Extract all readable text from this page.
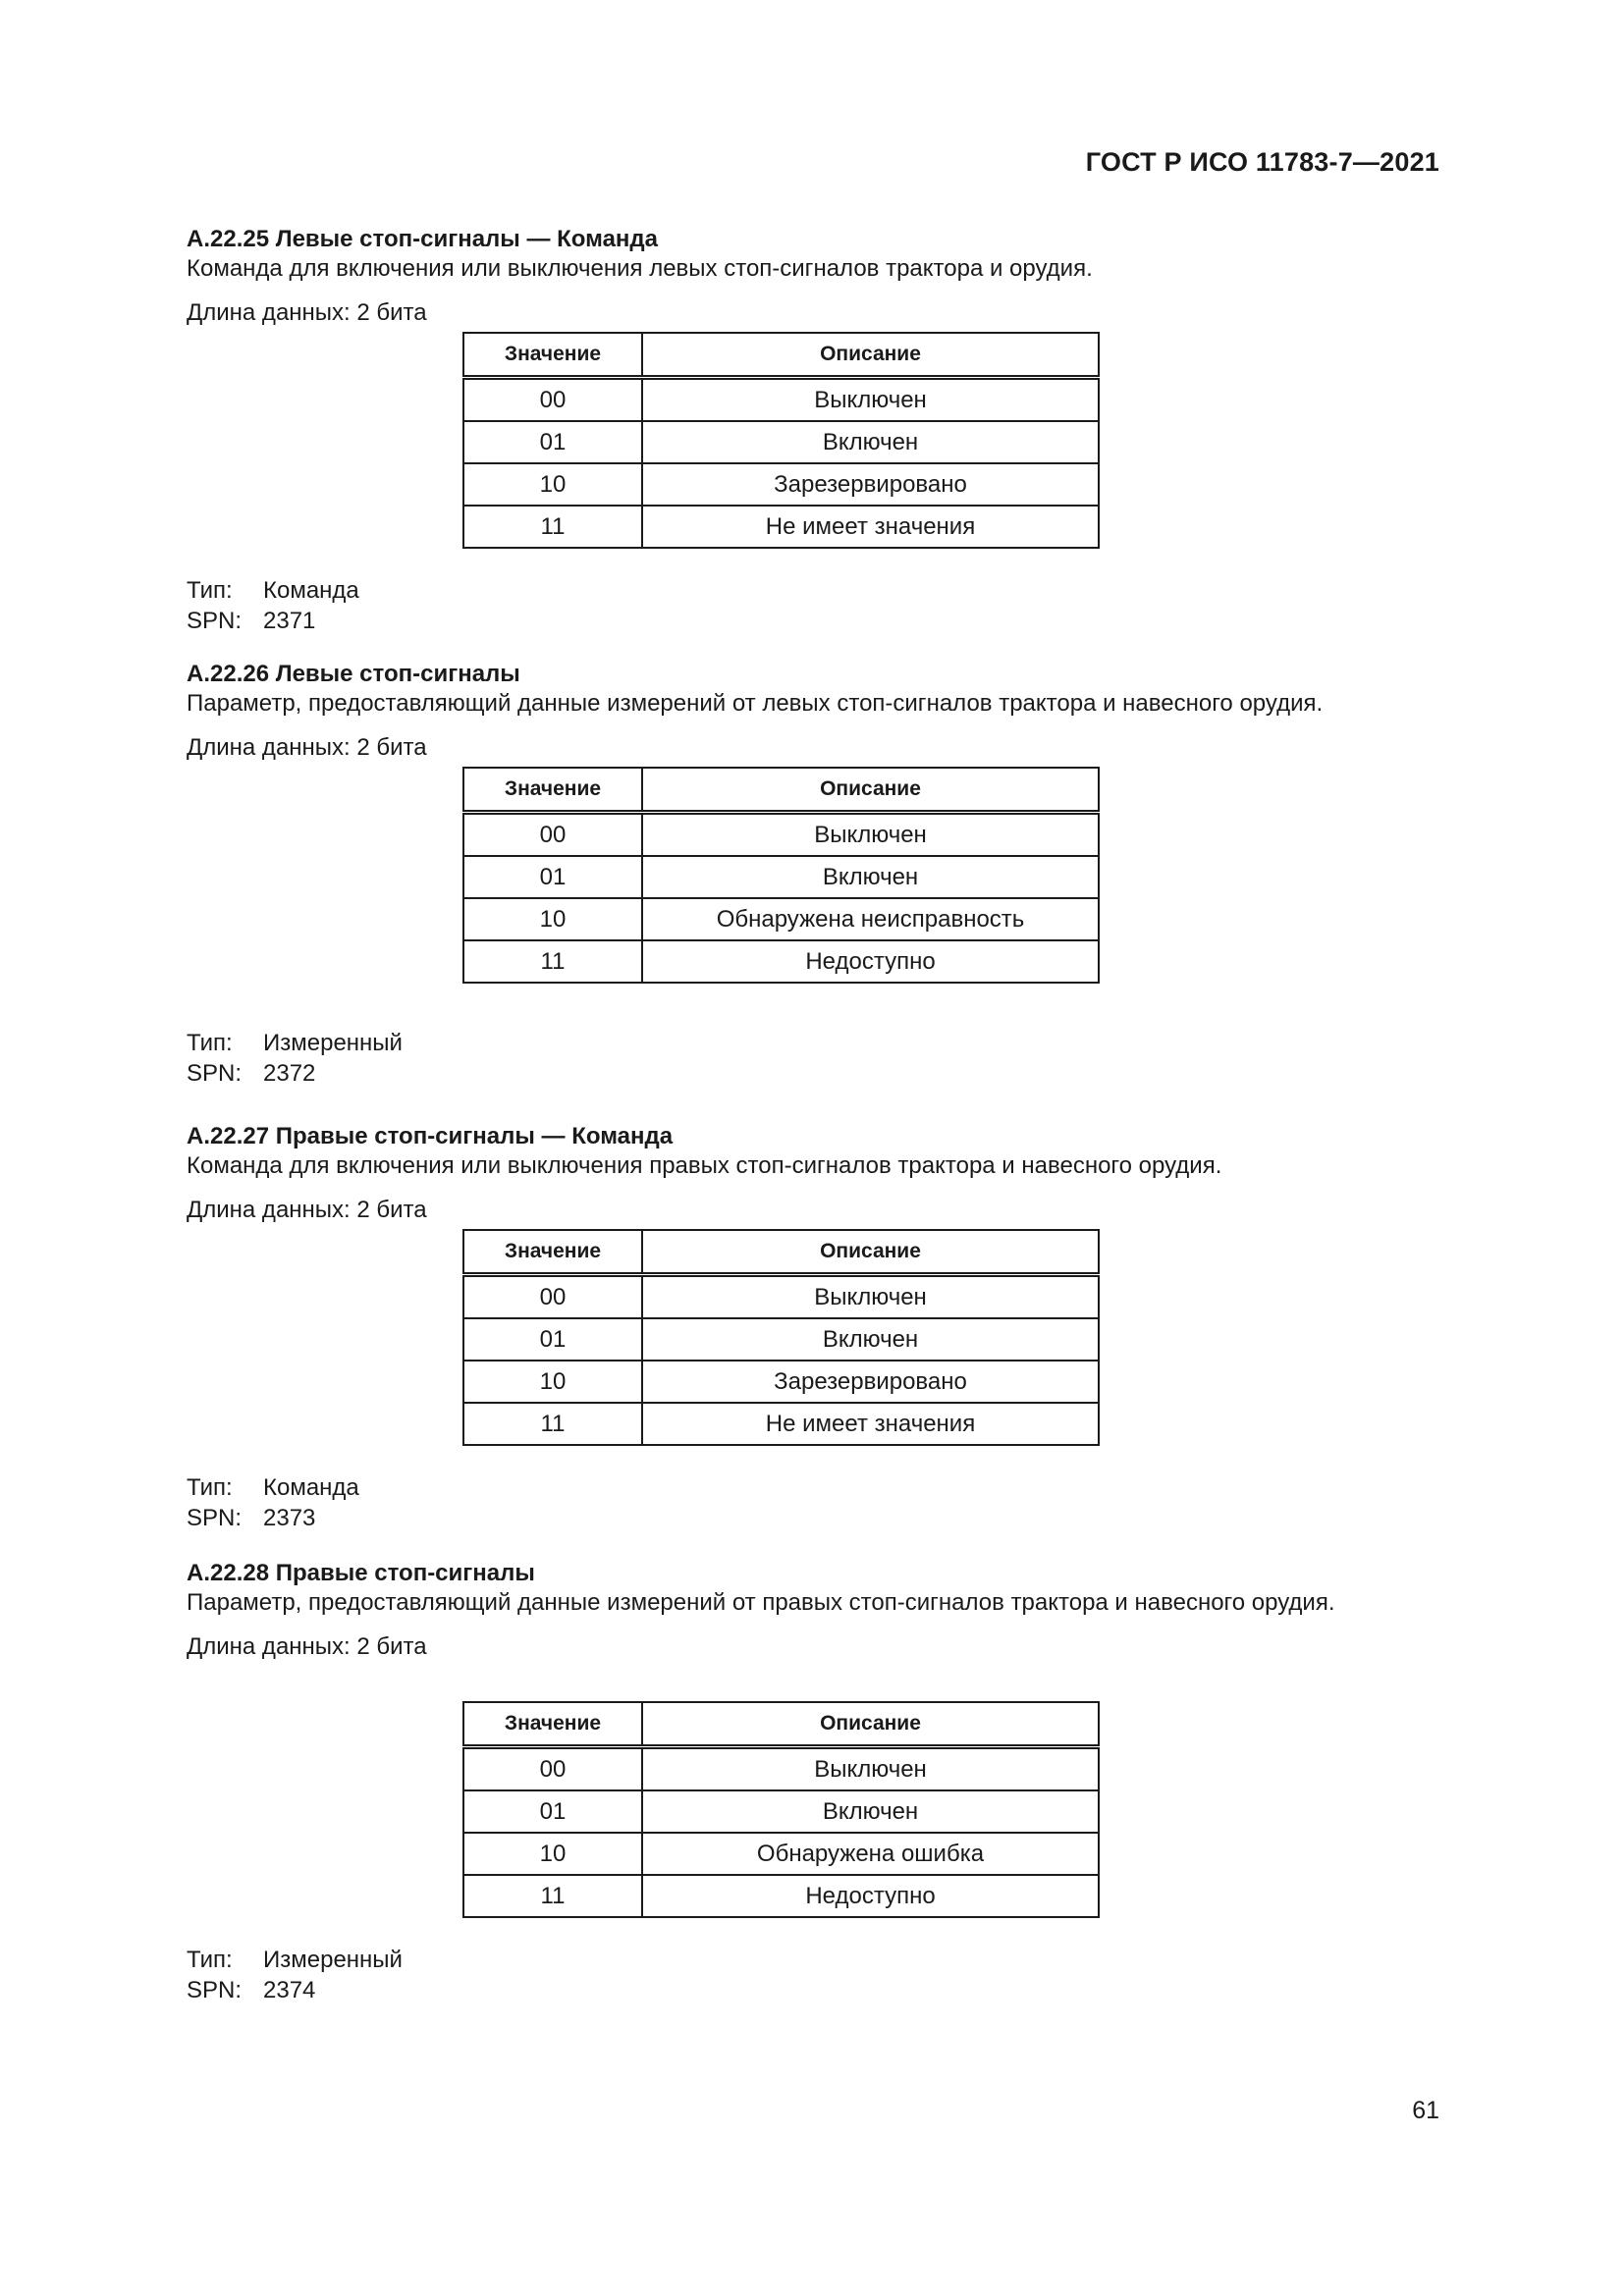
ГОСТ Р ИСО 11783-7—2021

А.22.25 Левые стоп-сигналы — Команда

Команда для включения или выключения левых стоп-сигналов трактора и орудия.

Длина данных: 2 бита

Значение	Описание
00	Выключен
01	Включен
10	Зарезервировано
11	Не имеет значения

Тип: Команда

SPN: 2371

А.22.26 Левые стоп-сигналы

Параметр, предоставляющий данные измерений от левых стоп-сигналов трактора и навесного орудия.

Длина данных: 2 бита

Значение	Описание
00	Выключен
01	Включен
10	Обнаружена неисправность
11	Недоступно

Тип: Измеренный

SPN: 2372

А.22.27 Правые стоп-сигналы — Команда

Команда для включения или выключения правых стоп-сигналов трактора и навесного орудия.

Длина данных: 2 бита

Значение	Описание
00	Выключен
01	Включен
10	Зарезервировано
11	Не имеет значения

Тип: Команда

SPN: 2373

А.22.28 Правые стоп-сигналы

Параметр, предоставляющий данные измерений от правых стоп-сигналов трактора и навесного орудия.

Длина данных: 2 бита

Значение	Описание
00	Выключен
01	Включен
10	Обнаружена ошибка
11	Недоступно

Тип: Измеренный

SPN: 2374

61
